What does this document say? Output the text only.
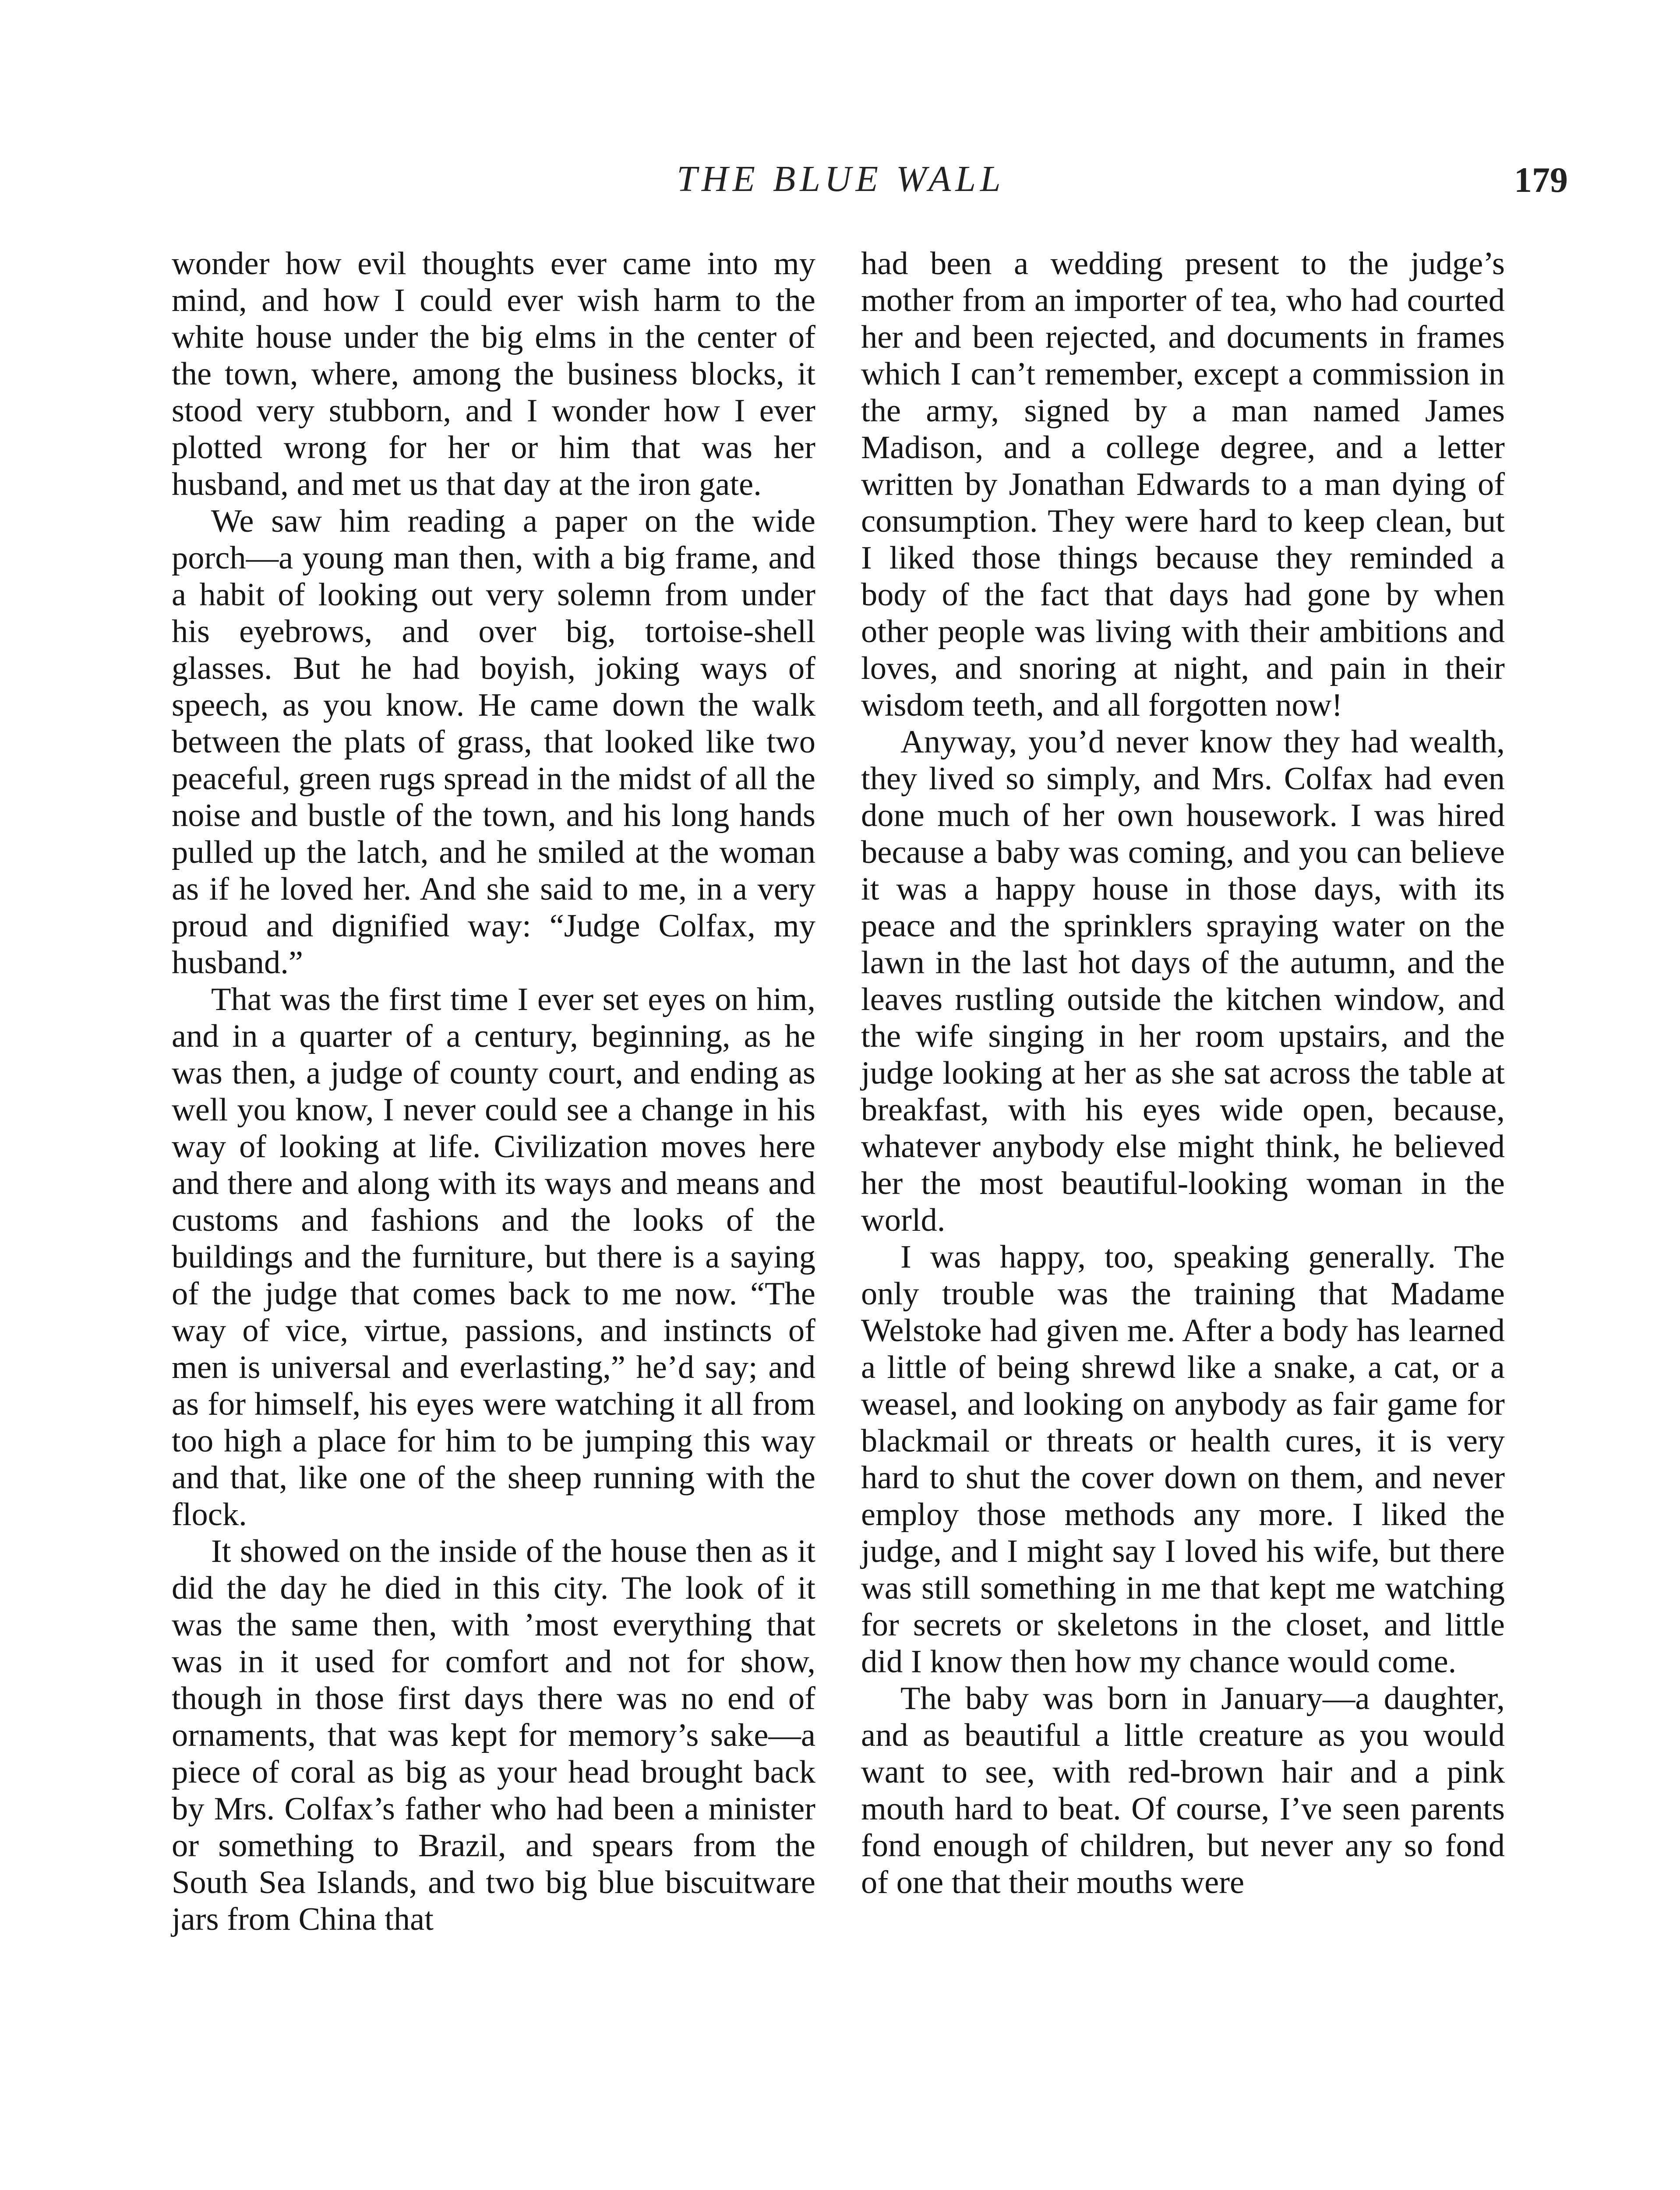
THE BLUE WALL	179

wonder how evil thoughts ever came into my mind, and how I could ever wish harm to the white house under the big elms in the center of the town, where, among the business blocks, it stood very stubborn, and I wonder how I ever plotted wrong for her or him that was her husband, and met us that day at the iron gate.

We saw him reading a paper on the wide porch—a young man then, with a big frame, and a habit of looking out very solemn from under his eyebrows, and over big, tortoise-shell glasses. But he had boyish, joking ways of speech, as you know. He came down the walk between the plats of grass, that looked like two peaceful, green rugs spread in the midst of all the noise and bustle of the town, and his long hands pulled up the latch, and he smiled at the woman as if he loved her. And she said to me, in a very proud and dignified way: “Judge Colfax, my husband.”

That was the first time I ever set eyes on him, and in a quarter of a century, beginning, as he was then, a judge of county court, and ending as well you know, I never could see a change in his way of looking at life. Civilization moves here and there and along with its ways and means and customs and fashions and the looks of the buildings and the furniture, but there is a saying of the judge that comes back to me now. “The way of vice, virtue, passions, and instincts of men is universal and everlasting,” he’d say; and as for himself, his eyes were watching it all from too high a place for him to be jumping this way and that, like one of the sheep running with the flock.

It showed on the inside of the house then as it did the day he died in this city. The look of it was the same then, with ’most everything that was in it used for comfort and not for show, though in those first days there was no end of ornaments, that was kept for memory’s sake—a piece of coral as big as your head brought back by Mrs. Colfax’s father who had been a minister or something to Brazil, and spears from the South Sea Islands, and two big blue biscuitware jars from China that

had been a wedding present to the judge’s mother from an importer of tea, who had courted her and been rejected, and documents in frames which I can’t remember, except a commission in the army, signed by a man named James Madison, and a college degree, and a letter written by Jonathan Edwards to a man dying of consumption. They were hard to keep clean, but I liked those things because they reminded a body of the fact that days had gone by when other people was living with their ambitions and loves, and snoring at night, and pain in their wisdom teeth, and all forgotten now!

Anyway, you’d never know they had wealth, they lived so simply, and Mrs. Colfax had even done much of her own housework. I was hired because a baby was coming, and you can believe it was a happy house in those days, with its peace and the sprinklers spraying water on the lawn in the last hot days of the autumn, and the leaves rustling outside the kitchen window, and the wife singing in her room upstairs, and the judge looking at her as she sat across the table at breakfast, with his eyes wide open, because, whatever anybody else might think, he believed her the most beautiful-looking woman in the world.

I was happy, too, speaking generally. The only trouble was the training that Madame Welstoke had given me. After a body has learned a little of being shrewd like a snake, a cat, or a weasel, and looking on anybody as fair game for blackmail or threats or health cures, it is very hard to shut the cover down on them, and never employ those methods any more. I liked the judge, and I might say I loved his wife, but there was still something in me that kept me watching for secrets or skeletons in the closet, and little did I know then how my chance would come.

The baby was born in January—a daughter, and as beautiful a little creature as you would want to see, with red-brown hair and a pink mouth hard to beat. Of course, I’ve seen parents fond enough of children, but never any so fond of one that their mouths were
